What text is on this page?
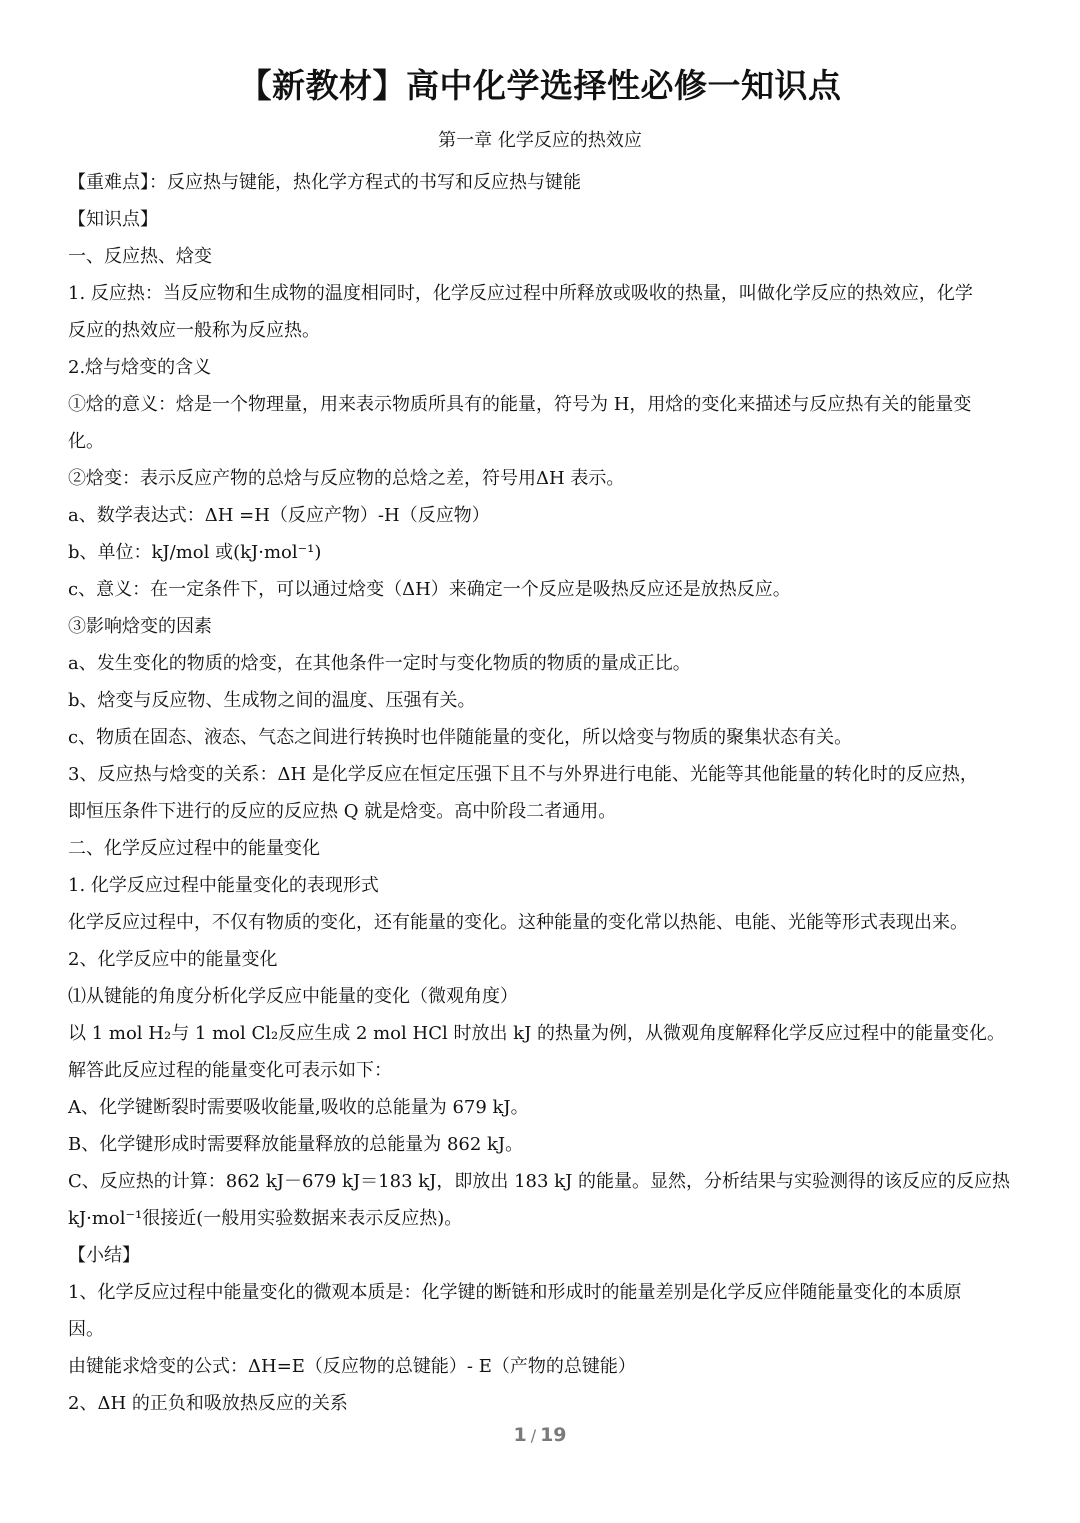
【新教材】高中化学选择性必修一知识点
第一章 化学反应的热效应
【重难点】：反应热与键能，热化学方程式的书写和反应热与键能
【知识点】
一、反应热、焓变
1. 反应热：当反应物和生成物的温度相同时，化学反应过程中所释放或吸收的热量，叫做化学反应的热效应，化学
反应的热效应一般称为反应热。
2.焓与焓变的含义
①焓的意义：焓是一个物理量，用来表示物质所具有的能量，符号为 H，用焓的变化来描述与反应热有关的能量变
化。
②焓变：表示反应产物的总焓与反应物的总焓之差，符号用ΔH 表示。
a、数学表达式：ΔH =H（反应产物）-H（反应物）
b、单位：kJ/mol 或(kJ·mol⁻¹)
c、意义：在一定条件下，可以通过焓变（ΔH）来确定一个反应是吸热反应还是放热反应。
③影响焓变的因素
a、发生变化的物质的焓变，在其他条件一定时与变化物质的物质的量成正比。
b、焓变与反应物、生成物之间的温度、压强有关。
c、物质在固态、液态、气态之间进行转换时也伴随能量的变化，所以焓变与物质的聚集状态有关。
3、反应热与焓变的关系：ΔH 是化学反应在恒定压强下且不与外界进行电能、光能等其他能量的转化时的反应热，
即恒压条件下进行的反应的反应热 Q 就是焓变。高中阶段二者通用。
二、化学反应过程中的能量变化
1. 化学反应过程中能量变化的表现形式
化学反应过程中，不仅有物质的变化，还有能量的变化。这种能量的变化常以热能、电能、光能等形式表现出来。
2、化学反应中的能量变化
⑴从键能的角度分析化学反应中能量的变化（微观角度）
以 1 mol H₂与 1 mol Cl₂反应生成 2 mol HCl 时放出 kJ 的热量为例，从微观角度解释化学反应过程中的能量变化。
解答此反应过程的能量变化可表示如下：
A、化学键断裂时需要吸收能量,吸收的总能量为 679 kJ。
B、化学键形成时需要释放能量释放的总能量为 862 kJ。
C、反应热的计算：862 kJ－679 kJ＝183 kJ，即放出 183 kJ 的能量。显然，分析结果与实验测得的该反应的反应热
kJ·mol⁻¹很接近(一般用实验数据来表示反应热)。
【小结】
1、化学反应过程中能量变化的微观本质是：化学键的断链和形成时的能量差别是化学反应伴随能量变化的本质原
因。
由键能求焓变的公式：ΔH=E（反应物的总键能）- E（产物的总键能）
2、ΔH 的正负和吸放热反应的关系
1 / 19
